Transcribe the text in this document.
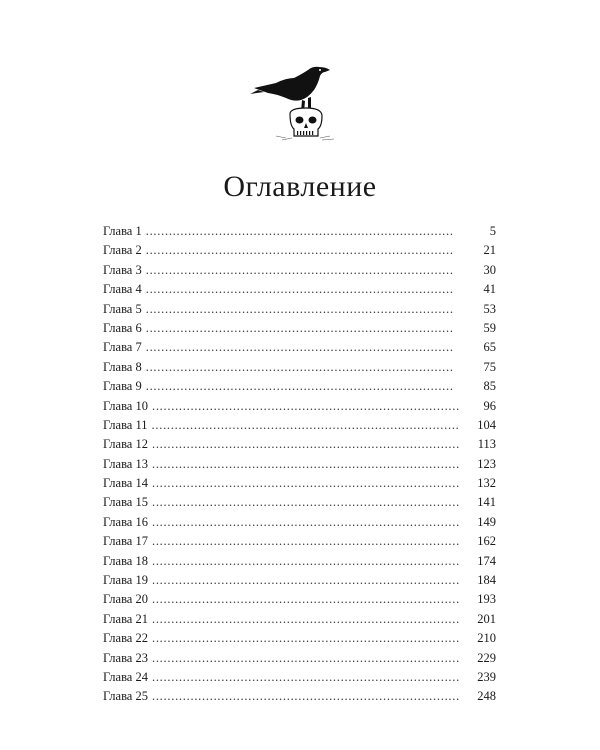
Оглавление
Глава 1 . . .	5
Глава 2 . . .	21
Глава 3 . . .	30
Глава 4 . . .	41
Глава 5 . . .	53
Глава 6 . . .	59
Глава 7 . . .	65
Глава 8 . . .	75
Глава 9 . . .	85
Глава 10 . . .	96
Глава 11 . . .	104
Глава 12 . . .	113
Глава 13 . . .	123
Глава 14 . . .	132
Глава 15 . . .	141
Глава 16 . . .	149
Глава 17 . . .	162
Глава 18 . . .	174
Глава 19 . . .	184
Глава 20 . . .	193
Глава 21 . . .	201
Глава 22 . . .	210
Глава 23 . . .	229
Глава 24 . . .	239
Глава 25 . . .	248
